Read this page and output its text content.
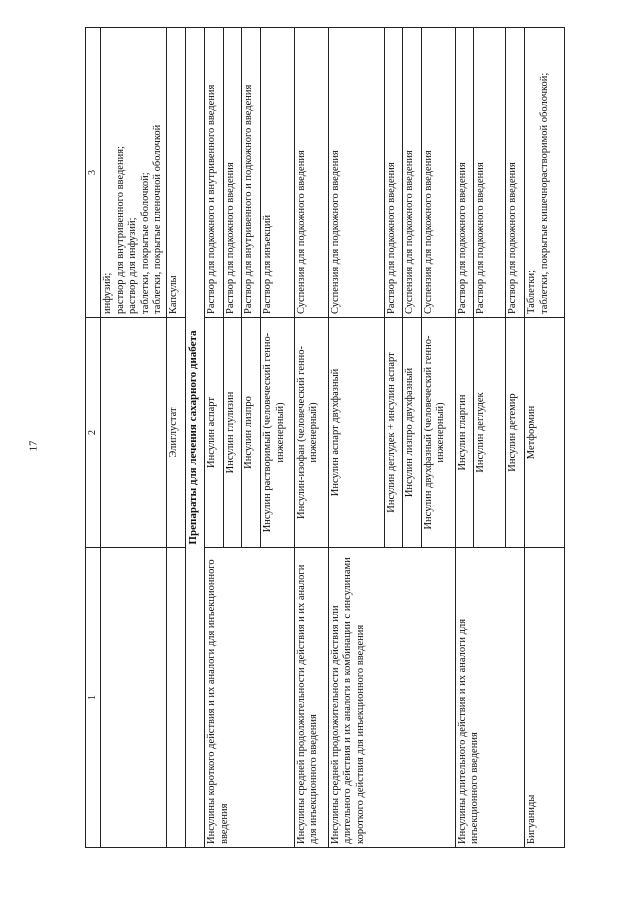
17
1	2	3
		инфузий;
раствор для внутривенного введения;
раствор для инфузий;
таблетки, покрытые оболочкой;
таблетки, покрытые пленочной оболочкой
	Элиглустат	Капсулы
Препараты для лечения сахарного диабета		
Инсулины короткого действия и их аналоги для инъекционного введения	Инсулин аспарт	Раствор для подкожного и внутривенного введения
	Инсулин глулизин	Раствор для подкожного введения
	Инсулин лизпро	Раствор для внутривенного и подкожного введения
	Инсулин растворимый (человеческий генно-инженерный)	Раствор для инъекций
Инсулины средней продолжительности действия и их аналоги для инъекционного введения	Инсулин-изофан (человеческий генно-инженерный)	Суспензия для подкожного введения
Инсулины средней продолжительности действия или длительного действия и их аналоги в комбинации с инсулинами короткого действия для инъекционного введения	Инсулин аспарт двухфазный	Суспензия для подкожного введения
	Инсулин деглудек + инсулин аспарт	Раствор для подкожного введения
	Инсулин лизпро двухфазный	Суспензия для подкожного введения
	Инсулин двухфазный (человеческий генно-инженерный)	Суспензия для подкожного введения
Инсулины длительного действия и их аналоги для инъекционного введения	Инсулин гларгин	Раствор для подкожного введения
	Инсулин деглудек	Раствор для подкожного введения
	Инсулин детемир	Раствор для подкожного введения
Бигуаниды	Метформин	Таблетки;
таблетки, покрытые кишечнорастворимой оболочкой;
